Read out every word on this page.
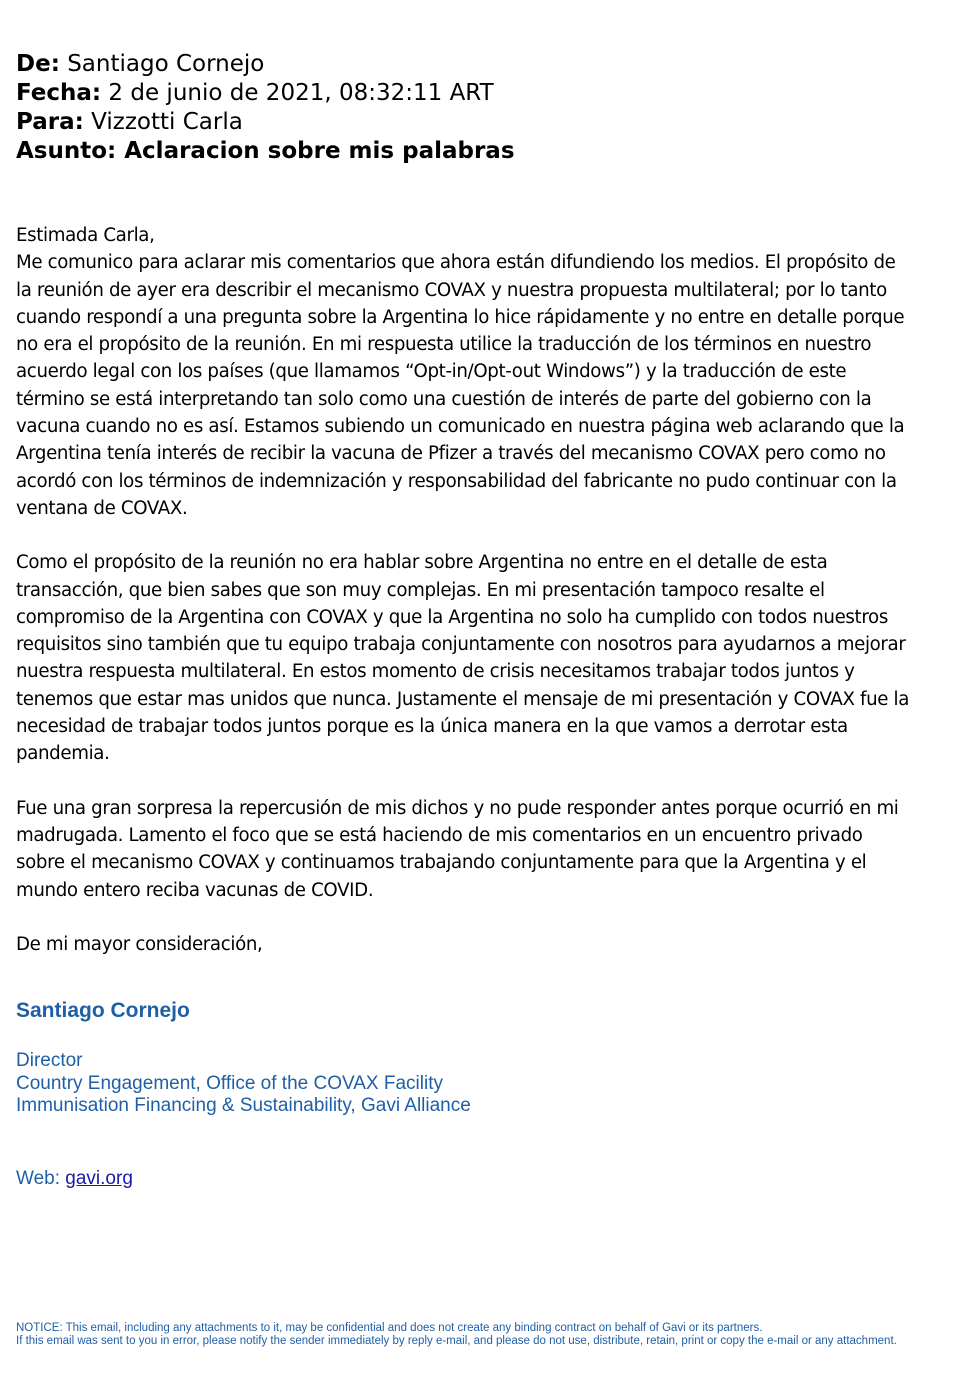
De: Santiago Cornejo
Fecha: 2 de junio de 2021, 08:32:11 ART
Para: Vizzotti Carla
Asunto: Aclaracion sobre mis palabras

Estimada Carla,

Me comunico para aclarar mis comentarios que ahora están difundiendo los medios. El propósito de la reunión de ayer era describir el mecanismo COVAX y nuestra propuesta multilateral; por lo tanto cuando respondí a una pregunta sobre la Argentina lo hice rápidamente y no entre en detalle porque no era el propósito de la reunión. En mi respuesta utilice la traducción de los términos en nuestro acuerdo legal con los países (que llamamos “Opt-in/Opt-out Windows”) y la traducción de este término se está interpretando tan solo como una cuestión de interés de parte del gobierno con la vacuna cuando no es así. Estamos subiendo un comunicado en nuestra página web aclarando que la Argentina tenía interés de recibir la vacuna de Pfizer a través del mecanismo COVAX pero como no acordó con los términos de indemnización y responsabilidad del fabricante no pudo continuar con la ventana de COVAX.

Como el propósito de la reunión no era hablar sobre Argentina no entre en el detalle de esta transacción, que bien sabes que son muy complejas. En mi presentación tampoco resalte el compromiso de la Argentina con COVAX y que la Argentina no solo ha cumplido con todos nuestros requisitos sino también que tu equipo trabaja conjuntamente con nosotros para ayudarnos a mejorar nuestra respuesta multilateral. En estos momento de crisis necesitamos trabajar todos juntos y tenemos que estar mas unidos que nunca. Justamente el mensaje de mi presentación y COVAX fue la necesidad de trabajar todos juntos porque es la única manera en la que vamos a derrotar esta pandemia.

Fue una gran sorpresa la repercusión de mis dichos y no pude responder antes porque ocurrió en mi madrugada. Lamento el foco que se está haciendo de mis comentarios en un encuentro privado sobre el mecanismo COVAX y continuamos trabajando conjuntamente para que la Argentina y el mundo entero reciba vacunas de COVID.

De mi mayor consideración,

Santiago Cornejo
Director
Country Engagement, Office of the COVAX Facility
Immunisation Financing & Sustainability, Gavi Alliance
Web: gavi.org
NOTICE: This email, including any attachments to it, may be confidential and does not create any binding contract on behalf of Gavi or its partners.
If this email was sent to you in error, please notify the sender immediately by reply e-mail, and please do not use, distribute, retain, print or copy the e-mail or any attachment.
